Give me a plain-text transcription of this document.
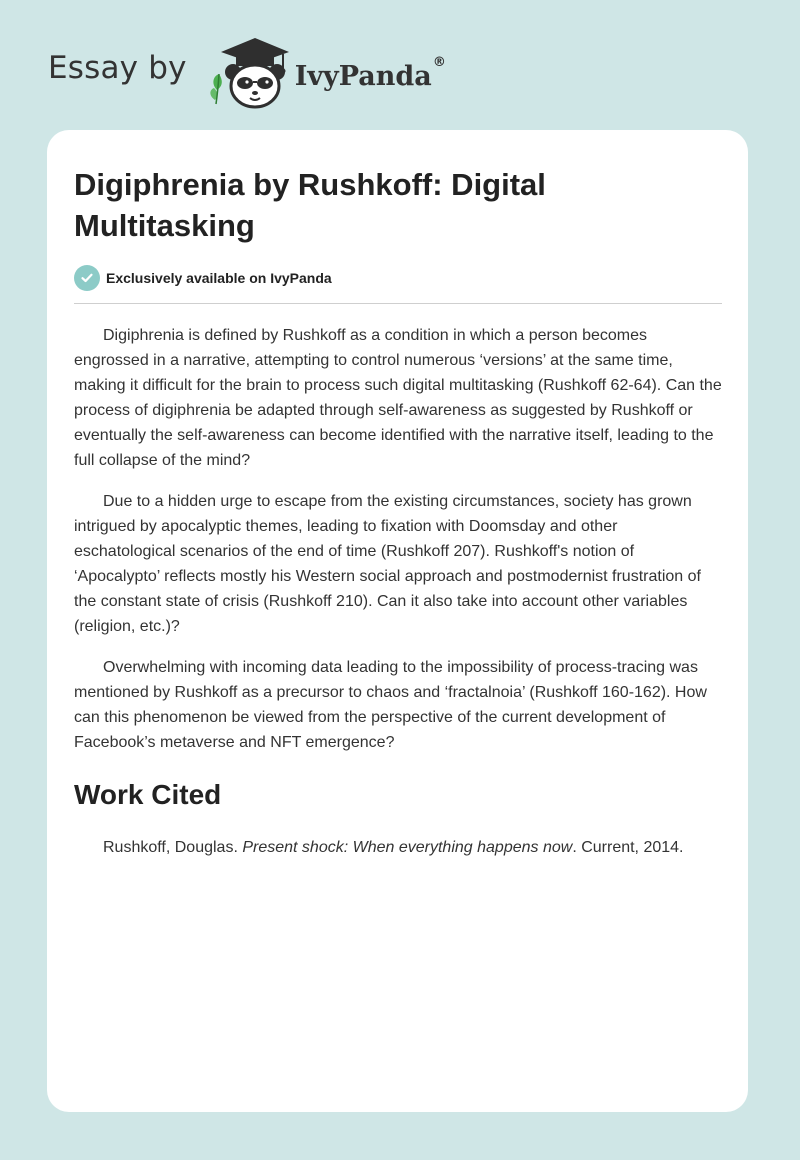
Essay by	IvyPanda®
Digiphrenia by Rushkoff: Digital Multitasking
Exclusively available on IvyPanda

Digiphrenia is defined by Rushkoff as a condition in which a person becomes engrossed in a narrative, attempting to control numerous ‘versions’ at the same time, making it difficult for the brain to process such digital multitasking (Rushkoff 62-64). Can the process of digiphrenia be adapted through self-awareness as suggested by Rushkoff or eventually the self-awareness can become identified with the narrative itself, leading to the full collapse of the mind?

Due to a hidden urge to escape from the existing circumstances, society has grown intrigued by apocalyptic themes, leading to fixation with Doomsday and other eschatological scenarios of the end of time (Rushkoff 207). Rushkoff's notion of ‘Apocalypto’ reflects mostly his Western social approach and postmodernist frustration of the constant state of crisis (Rushkoff 210). Can it also take into account other variables (religion, etc.)?

Overwhelming with incoming data leading to the impossibility of process-tracing was mentioned by Rushkoff as a precursor to chaos and ‘fractalnoia’ (Rushkoff 160-162). How can this phenomenon be viewed from the perspective of the current development of Facebook’s metaverse and NFT emergence?

Work Cited

Rushkoff, Douglas. Present shock: When everything happens now. Current, 2014.
